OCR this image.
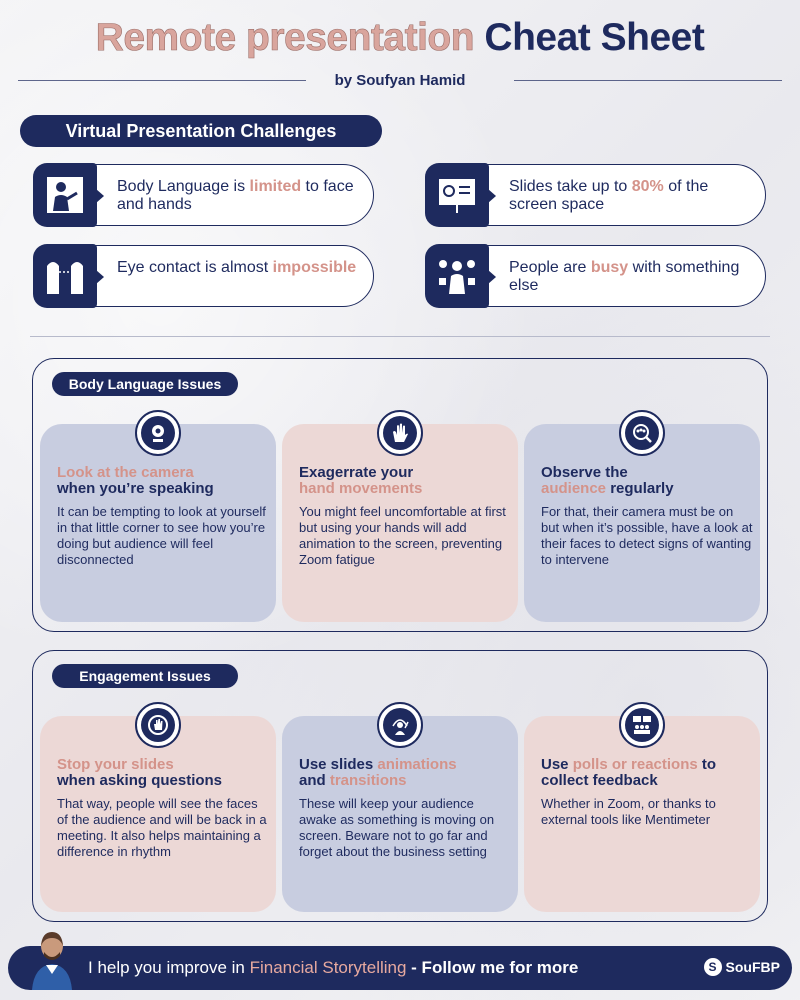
Remote presentation Cheat Sheet
by Soufyan Hamid
Virtual Presentation Challenges
Body Language is limited to face and hands
Slides take up to 80% of the screen space
Eye contact is almost impossible	People are busy with something else
Body Language Issues
Look at the camera
when you’re speaking
It can be tempting to look at yourself in that little corner to see how you’re doing but audience will feel disconnected
Exagerrate your
hand movements
You might feel uncomfortable at first but using your hands will add animation to the screen, preventing Zoom fatigue
Observe the
audience regularly
For that, their camera must be on but when it’s possible, have a look at their faces to detect signs of wanting to intervene
Engagement Issues
Stop your slides
when asking questions
That way, people will see the faces of the audience and will be back in a meeting. It also helps maintaining a difference in rhythm
Use slides animations
and transitions
These will keep your audience awake as something is moving on screen. Beware not to go far and forget about the business setting
Use polls or reactions to
collect feedback
Whether in Zoom, or thanks to external tools like Mentimeter
I help you improve in Financial Storytelling - Follow me for more	S SouFBP
